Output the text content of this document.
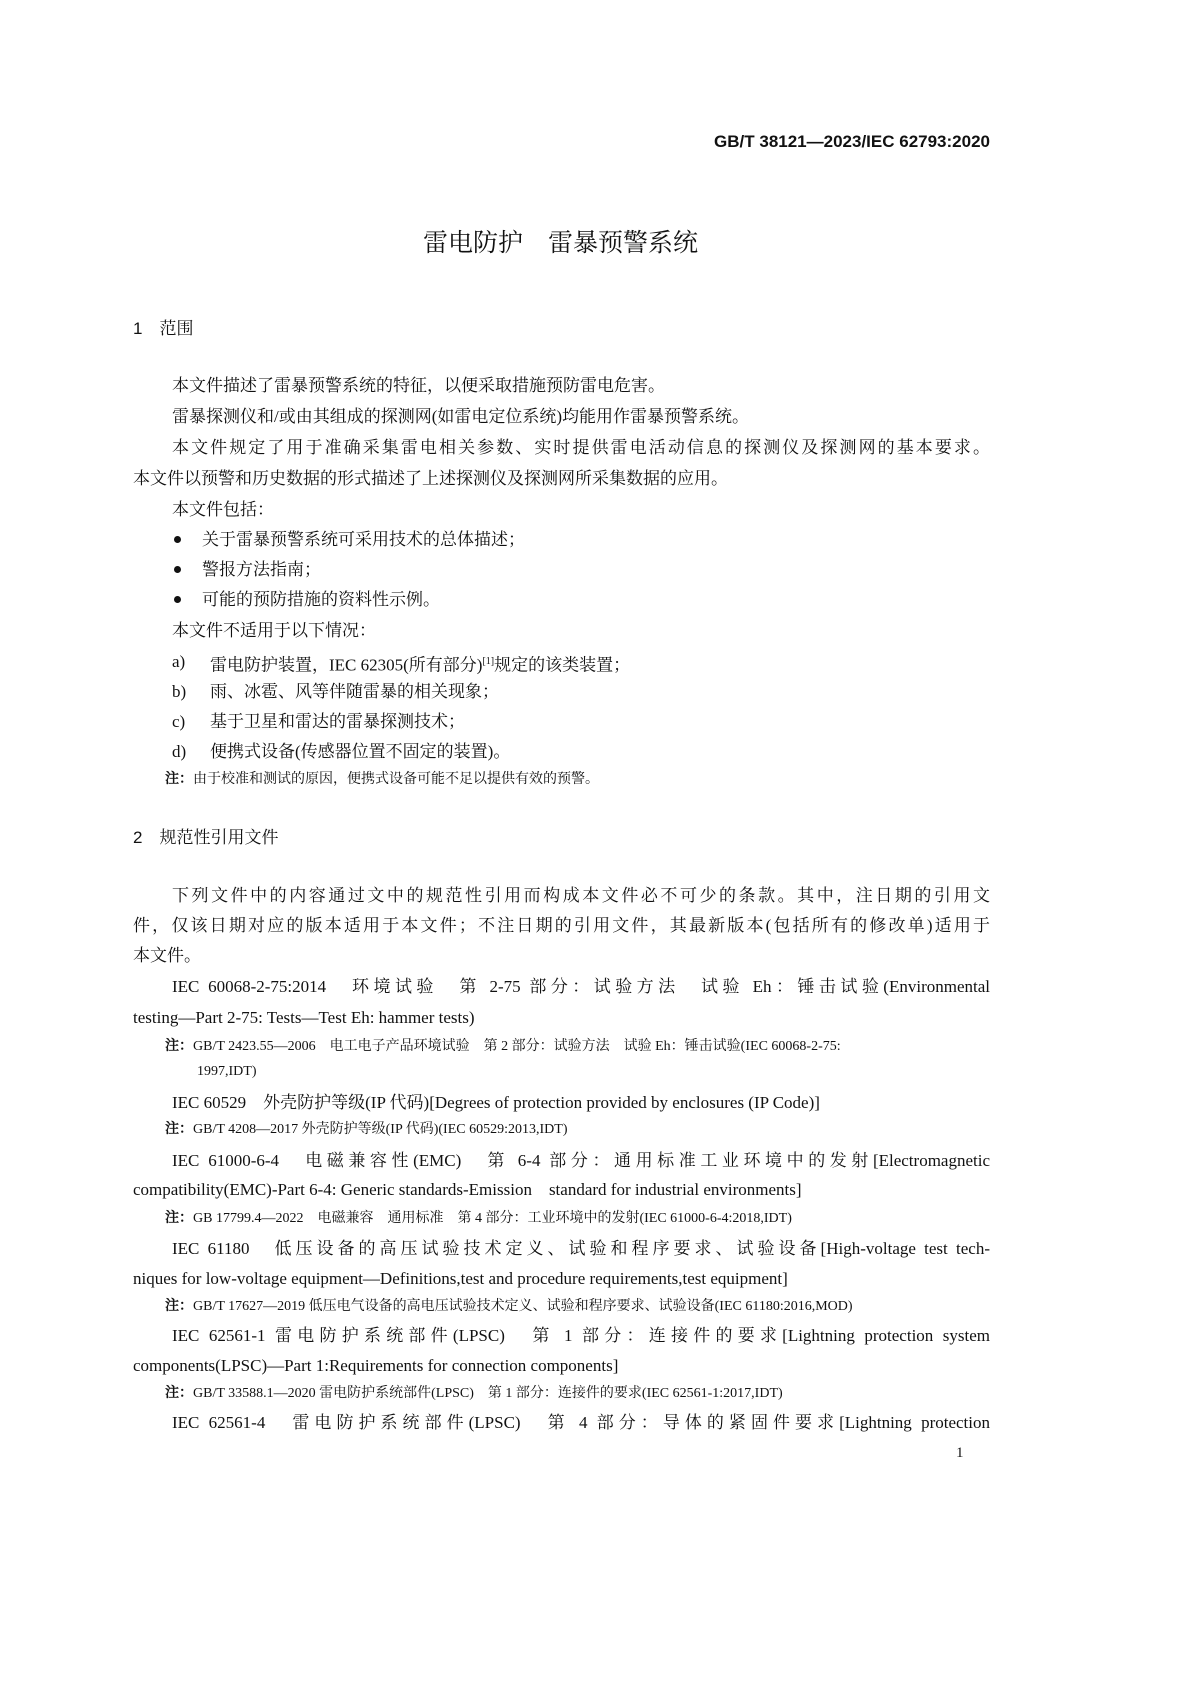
GB/T 38121—2023/IEC 62793:2020
雷电防护　雷暴预警系统
1　范围
本文件描述了雷暴预警系统的特征，以便采取措施预防雷电危害。
雷暴探测仪和/或由其组成的探测网(如雷电定位系统)均能用作雷暴预警系统。
本文件规定了用于准确采集雷电相关参数、实时提供雷电活动信息的探测仪及探测网的基本要求。
本文件以预警和历史数据的形式描述了上述探测仪及探测网所采集数据的应用。
本文件包括：
关于雷暴预警系统可采用技术的总体描述；
警报方法指南；
可能的预防措施的资料性示例。
本文件不适用于以下情况：
a) 雷电防护装置，IEC 62305(所有部分)[1]规定的该类装置；
b) 雨、冰雹、风等伴随雷暴的相关现象；
c) 基于卫星和雷达的雷暴探测技术；
d) 便携式设备(传感器位置不固定的装置)。
注：由于校准和测试的原因，便携式设备可能不足以提供有效的预警。
2　规范性引用文件
下列文件中的内容通过文中的规范性引用而构成本文件必不可少的条款。其中，注日期的引用文
件，仅该日期对应的版本适用于本文件；不注日期的引用文件，其最新版本(包括所有的修改单)适用于
本文件。
IEC 60068-2-75:2014　环境试验　第 2-75 部分：试验方法　试验 Eh：锤击试验(Environmental
testing—Part 2-75: Tests—Test Eh: hammer tests)
注：GB/T 2423.55—2006　电工电子产品环境试验　第 2 部分：试验方法　试验 Eh：锤击试验(IEC 60068-2-75:
1997,IDT)
IEC 60529　外壳防护等级(IP 代码)[Degrees of protection provided by enclosures (IP Code)]
注：GB/T 4208—2017 外壳防护等级(IP 代码)(IEC 60529:2013,IDT)
IEC 61000-6-4　电磁兼容性(EMC)　第 6-4 部分：通用标准工业环境中的发射[Electromagnetic
compatibility(EMC)-Part 6-4: Generic standards-Emission　standard for industrial environments]
注：GB 17799.4—2022　电磁兼容　通用标准　第 4 部分：工业环境中的发射(IEC 61000-6-4:2018,IDT)
IEC 61180　低压设备的高压试验技术定义、试验和程序要求、试验设备[High-voltage test tech-
niques for low-voltage equipment—Definitions,test and procedure requirements,test equipment]
注：GB/T 17627—2019 低压电气设备的高电压试验技术定义、试验和程序要求、试验设备(IEC 61180:2016,MOD)
IEC 62561-1 雷电防护系统部件(LPSC)　第 1 部分：连接件的要求[Lightning protection system
components(LPSC)—Part 1:Requirements for connection components]
注：GB/T 33588.1—2020 雷电防护系统部件(LPSC)　第 1 部分：连接件的要求(IEC 62561-1:2017,IDT)
IEC 62561-4　雷电防护系统部件(LPSC)　第 4 部分：导体的紧固件要求[Lightning protection
1
